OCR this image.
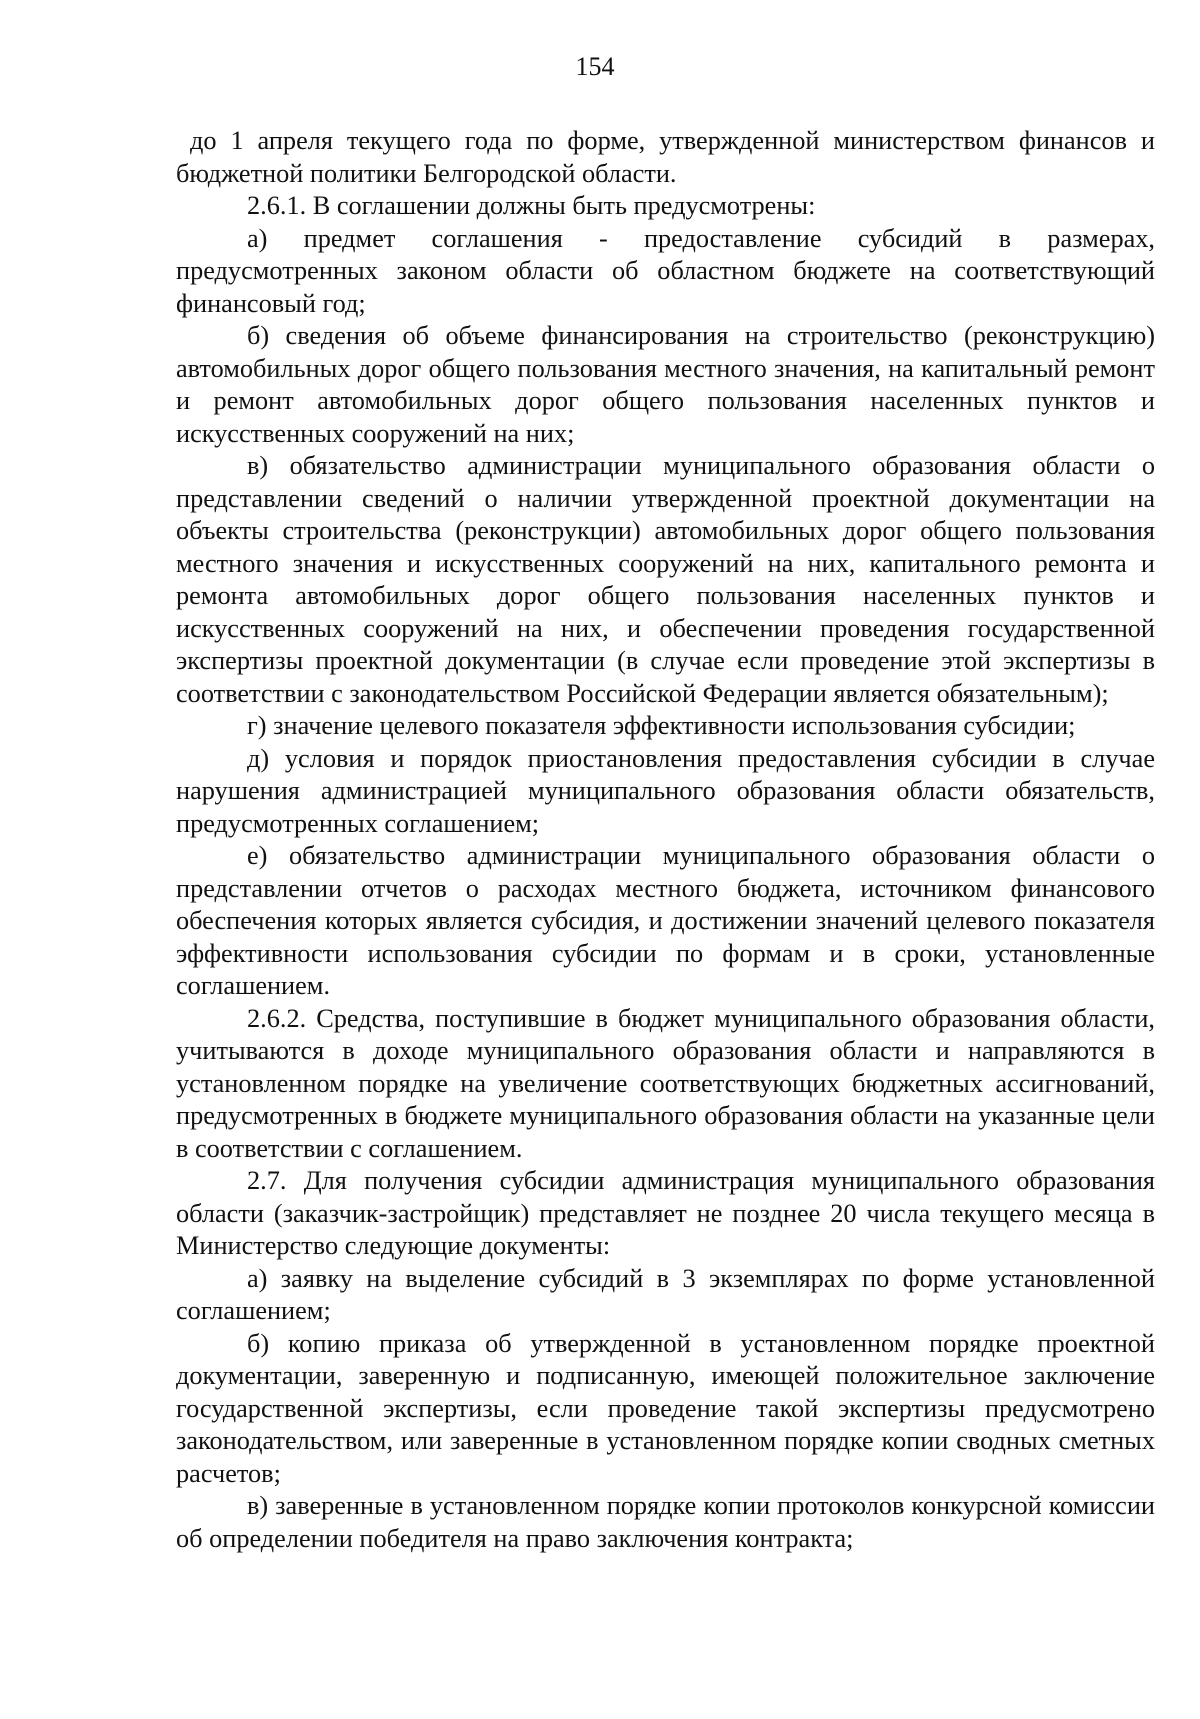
154

до 1 апреля текущего года по форме, утвержденной министерством финансов и бюджетной политики Белгородской области.

2.6.1. В соглашении должны быть предусмотрены:

а) предмет соглашения - предоставление субсидий в размерах, предусмотренных законом области об областном бюджете на соответствующий финансовый год;

б) сведения об объеме финансирования на строительство (реконструкцию) автомобильных дорог общего пользования местного значения, на капитальный ремонт и ремонт автомобильных дорог общего пользования населенных пунктов и искусственных сооружений на них;

в) обязательство администрации муниципального образования области о представлении сведений о наличии утвержденной проектной документации на объекты строительства (реконструкции) автомобильных дорог общего пользования местного значения и искусственных сооружений на них, капитального ремонта и ремонта автомобильных дорог общего пользования населенных пунктов и искусственных сооружений на них, и обеспечении проведения государственной экспертизы проектной документации (в случае если проведение этой экспертизы в соответствии с законодательством Российской Федерации является обязательным);

г) значение целевого показателя эффективности использования субсидии;

д) условия и порядок приостановления предоставления субсидии в случае нарушения администрацией муниципального образования области обязательств, предусмотренных соглашением;

е) обязательство администрации муниципального образования области о представлении отчетов о расходах местного бюджета, источником финансового обеспечения которых является субсидия, и достижении значений целевого показателя эффективности использования субсидии по формам и в сроки, установленные соглашением.

2.6.2. Средства, поступившие в бюджет муниципального образования области, учитываются в доходе муниципального образования области и направляются в установленном порядке на увеличение соответствующих бюджетных ассигнований, предусмотренных в бюджете муниципального образования области на указанные цели в соответствии с соглашением.

2.7. Для получения субсидии администрация муниципального образования области (заказчик-застройщик) представляет не позднее 20 числа текущего месяца в Министерство следующие документы:

а) заявку на выделение субсидий в 3 экземплярах по форме установленной соглашением;

б) копию приказа об утвержденной в установленном порядке проектной документации, заверенную и подписанную, имеющей положительное заключение государственной экспертизы, если проведение такой экспертизы предусмотрено законодательством, или заверенные в установленном порядке копии сводных сметных расчетов;

в) заверенные в установленном порядке копии протоколов конкурсной комиссии об определении победителя на право заключения контракта;
